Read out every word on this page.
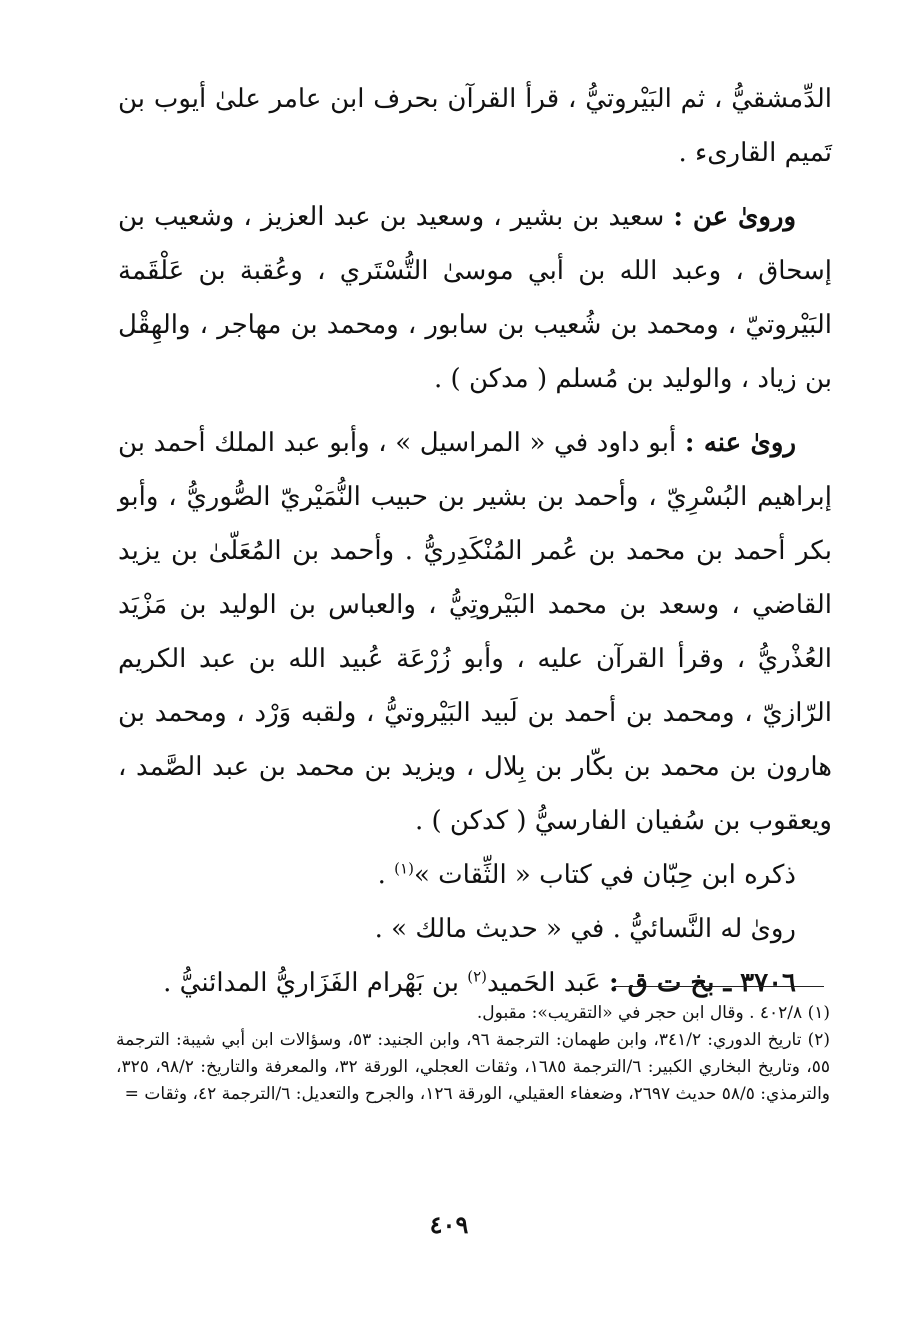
الدِّمشقيُّ ، ثم البَيْروتيُّ ، قرأ القرآن بحرف ابن عامر علىٰ أيوب بن تَميم القارىء .

ورویٰ عن : سعيد بن بشير ، وسعيد بن عبد العزيز ، وشعيب بن إسحاق ، وعبد الله بن أبي موسىٰ التُّسْتَري ، وعُقبة بن عَلْقَمة البَيْروتيّ ، ومحمد بن شُعيب بن سابور ، ومحمد بن مهاجر ، والهِقْل بن زياد ، والوليد بن مُسلم ( مدكن ) .

رویٰ عنه : أبو داود في « المراسيل » ، وأبو عبد الملك أحمد بن إبراهيم البُسْرِيّ ، وأحمد بن بشير بن حبيب النُّمَيْريّ الصُّوريُّ ، وأبو بكر أحمد بن محمد بن عُمر المُنْكَدِريُّ . وأحمد بن المُعَلّىٰ بن يزيد القاضي ، وسعد بن محمد البَيْروتِيُّ ، والعباس بن الوليد بن مَزْيَد العُذْريُّ ، وقرأ القرآن عليه ، وأبو زُرْعَة عُبيد الله بن عبد الكريم الرّازيّ ، ومحمد بن أحمد بن لَبيد البَيْروتيُّ ، ولقبه وَرْد ، ومحمد بن هارون بن محمد بن بكّار بن بِلال ، ويزيد بن محمد بن عبد الصَّمد ، ويعقوب بن سُفيان الفارسيُّ ( كدكن ) .

ذكره ابن حِبّان في كتاب « الثِّقات »$^{(١)}$ .

رویٰ له النَّسائيُّ . في « حديث مالك » .

٣٧٠٦ ـ بخ ت ق : عَبد الحَميد$^{(٢)}$ بن بَهْرام الفَزَاريُّ المدائنيُّ .

(١) ٤٠٢/٨ . وقال ابن حجر في «التقريب»: مقبول.

(٢) تاريخ الدوري: ٣٤١/٢، وابن طهمان: الترجمة ٩٦، وابن الجنيد: ٥٣، وسؤالات ابن أبي شيبة: الترجمة ٥٥، وتاريخ البخاري الكبير: ٦/الترجمة ١٦٨٥، وثقات العجلي، الورقة ٣٢، والمعرفة والتاريخ: ٩٨/٢، ٣٢٥، والترمذي: ٥٨/٥ حديث ٢٦٩٧، وضعفاء العقيلي، الورقة ١٢٦، والجرح والتعديل: ٦/الترجمة ٤٢، وثقات =

٤٠٩
